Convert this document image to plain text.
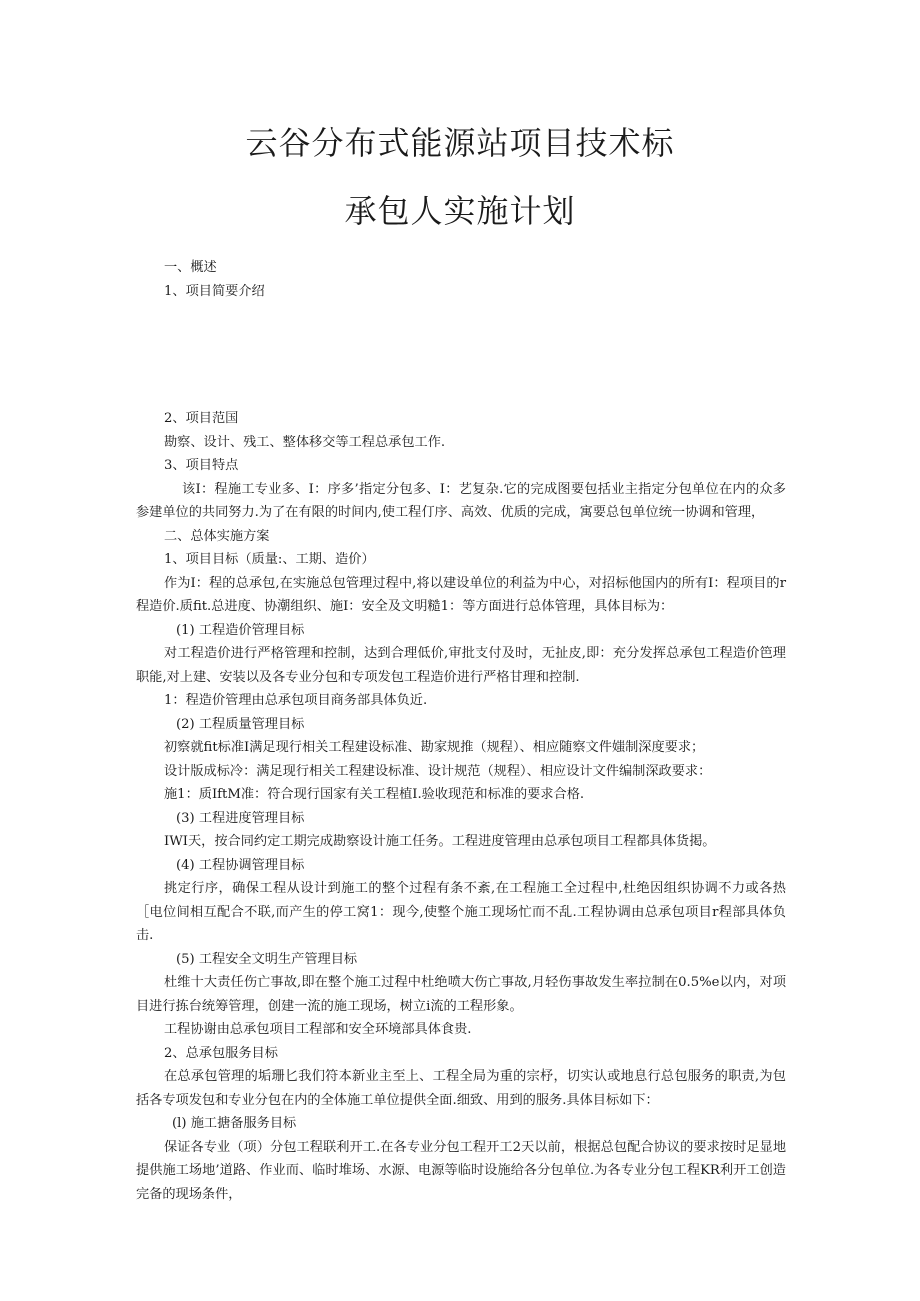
云谷分布式能源站项目技术标
承包人实施计划

一、概述

1、项目简要介绍

2、项目范国

勘察、设计、残工、整体移交等工程总承包工作.

3、项目特点

该I：程施工专业多、I：序多’指定分包多、I：艺复杂.它的完成图要包括业主指定分包单位在内的众多参建单位的共同努力.为了在有限的时间内,使工程仃序、高效、优质的完成，寓要总包单位统一协调和管理，

二、总体实施方案

1、项目目标（质量:、工期、造价）

作为I：程的总承包,在实施总包管理过程中,将以建设单位的利益为中心，对招标他国内的所有I：程项目的r程造价.质fit.总进度、协潮组织、施I：安全及文明糙1：等方面进行总体管理，具体目标为：

(1) 工程造价管理目标

对工程造价进行严格管理和控制，达到合理低价,审批支付及时，无扯皮,即：充分发挥总承包工程造价笆理职能,对上建、安装以及各专业分包和专项发包工程造价进行严格甘理和控制.

1：程造价管理由总承包项目商务部具体负近.

(2) 工程质量管理目标

初察就fit标准I满足现行相关工程建设标准、勘家规推（规程）、相应随察文件媸制深度要求；

设计版成标冷：满足现行相关工程建设标准、设计规范（规程）、相应设计文件编制深政要求：

施1：质IftM准：符合现行国家有关工程植I.验收现范和标准的要求合格.

(3) 工程进度管理目标

IWI天，按合同约定工期完成勘察设计施工任务。工程进度管理由总承包项目工程都具体货掲。

(4) 工程协调管理目标

挑定行序，确保工程从设计到施工的整个过程有条不紊,在工程施工全过程中,杜绝因组织协调不力或各热［电位间相互配合不联,而产生的停工窝1：现今,使整个施工现场忙而不乱.工程协调由总承包项目r程部具体负击.

(5) 工程安全文明生产管理目标

杜维十大责任伤亡事故,即在整个施工过程中杜绝喷大伤亡事故,月轻伤事故发生率拉制在0.5%e以内，对项目进行拣台统筹管理，创建一流的施工现场，树立i流的工程形象。

工程协谢由总承包项目工程部和安全环境部具体食贵.

2、总承包服务目标

在总承包管理的垢珊匕我们符本新业主至上、工程全局为重的宗杼，切实认或地息行总包服务的职责,为包括各专项发包和专业分包在内的全体施工单位提供全面.细致、用到的服务.具体目标如下：

(l) 施工搪备服务目标

保证各专业（项）分包工程联利开工.在各专业分包工程开工2天以前，根据总包配合协议的要求按时足显地提供施工场地’道路、作业而、临时堆场、水源、电源等临时设施给各分包单位.为各专业分包工程KR利开工创造完备的现场条件，
